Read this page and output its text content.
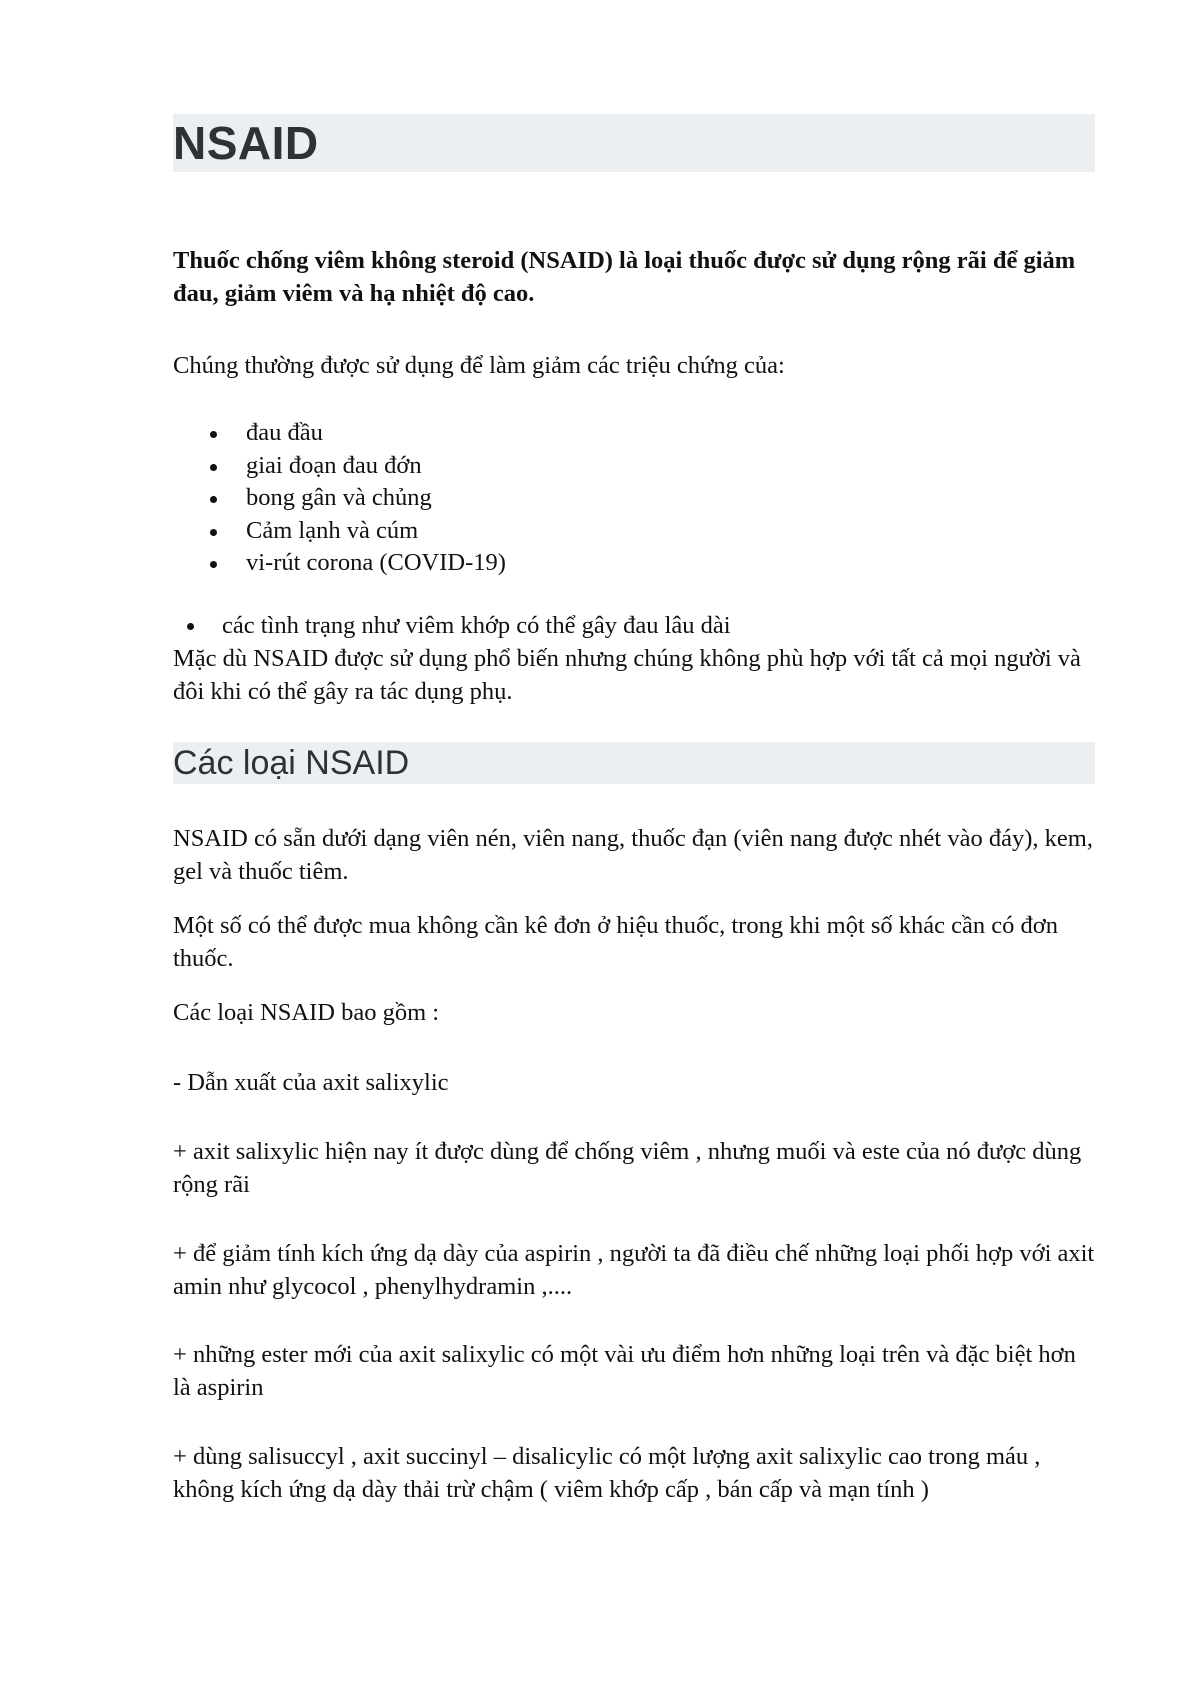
NSAID
Thuốc chống viêm không steroid (NSAID) là loại thuốc được sử dụng rộng rãi để giảm đau, giảm viêm và hạ nhiệt độ cao.
Chúng thường được sử dụng để làm giảm các triệu chứng của:
đau đầu
giai đoạn đau đớn
bong gân và chủng
Cảm lạnh và cúm
vi-rút corona (COVID-19)
các tình trạng như viêm khớp có thể gây đau lâu dài
Mặc dù NSAID được sử dụng phổ biến nhưng chúng không phù hợp với tất cả mọi người và đôi khi có thể gây ra tác dụng phụ.
Các loại NSAID
NSAID có sẵn dưới dạng viên nén, viên nang, thuốc đạn (viên nang được nhét vào đáy), kem, gel và thuốc tiêm.
Một số có thể được mua không cần kê đơn ở hiệu thuốc, trong khi một số khác cần có đơn thuốc.
Các loại NSAID bao gồm :
- Dẫn xuất của axit salixylic
+ axit salixylic hiện nay ít được dùng để chống viêm , nhưng muối và este của nó được dùng rộng rãi
+ để giảm tính kích ứng dạ dày của aspirin , người ta đã điều chế những loại phối hợp với axit amin như glycocol , phenylhydramin ,....
+ những ester mới của axit salixylic có một vài ưu điểm hơn những loại trên và đặc biệt hơn là aspirin
+ dùng salisuccyl , axit succinyl – disalicylic có một lượng axit salixylic cao trong máu , không kích ứng dạ dày thải trừ chậm ( viêm khớp cấp , bán cấp và mạn tính )
